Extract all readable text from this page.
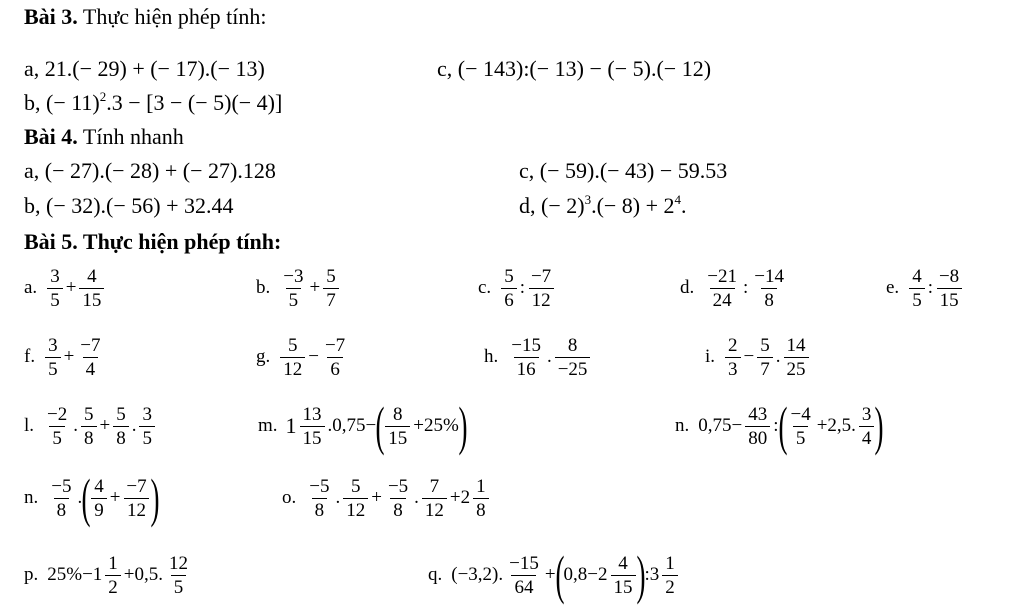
Bài 3. Thực hiện phép tính:
a, 21.(− 29) + (− 17).(− 13)	c, (− 143):(− 13) − (− 5).(− 12)
b, (− 11)$^2$.3 − [3 − (− 5)(− 4)]
Bài 4. Tính nhanh
a, (− 27).(− 28) + (− 27).128	c, (− 59).(− 43) − 59.53
b, (− 32).(− 56) + 32.44	d, (− $2)^3.(- 8) + 2^4$.
Bài 5. Thực hiện phép tính:
a. $\frac{3}{5} + \frac{4}{15}$	b. $\frac{-3}{5} + \frac{5}{7}$	c. $\frac{5}{6}$ : $\frac{-7}{12}$	d. $\frac{-21}{24}$ : $\frac{-14}{8}$	e. $\frac{4}{5}$ : $\frac{-8}{15}$
f. $\frac{3}{5} + \frac{-7}{4}$	g. $\frac{5}{12} - \frac{-7}{6}$	h. $\frac{-15}{16}$ . $\frac{8}{-25}$	i. $\frac{2}{3} - \frac{5}{7}$ . $\frac{14}{25}$
l. $\frac{-2}{5}$ . $\frac{5}{8} + \frac{5}{8}$ . $\frac{3}{5}$	m. $1 \frac{13}{15} .0,75-$ ( $\frac{8}{15} +25\%$ )	n. $0,75- \frac{43}{80}$ : ( $\frac{-4}{5} +2,5$. $\frac{3}{4}$ )
n. $\frac{-5}{8}$ . ( $\frac{4}{9} + \frac{-7}{12}$ )	o. $\frac{-5}{8}$ . $\frac{5}{12} + \frac{-5}{8}$ . $\frac{7}{12} +2 \frac{1}{8}$
p. $25\%-1 \frac{1}{2} +0,5$. $\frac{12}{5}$	q. (−3,2). $\frac{-15}{64}$ + ( $0,8-2 \frac{4}{15}$ ) :3 $\frac{1}{2}$
